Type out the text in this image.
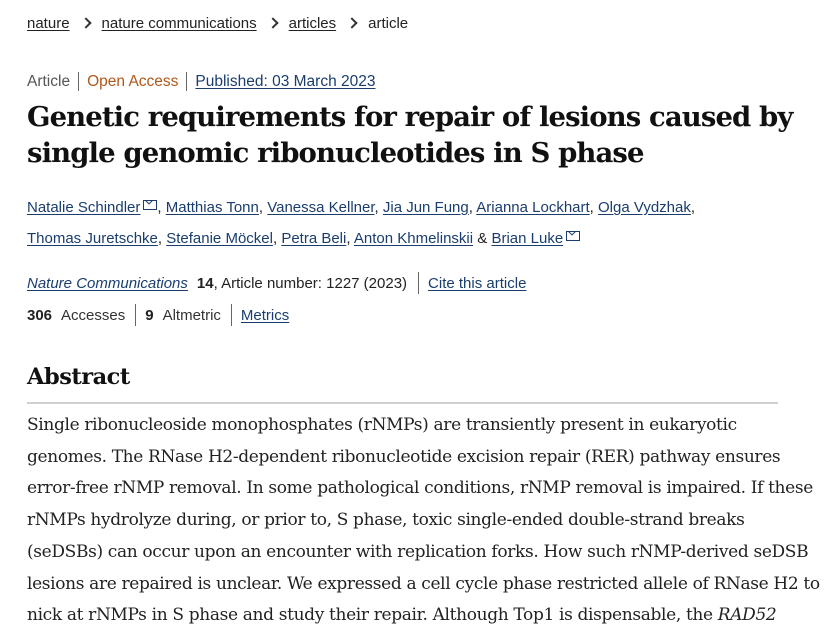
nature nature communications articles article
Article Open Access Published: 03 March 2023
Genetic requirements for repair of lesions caused by
single genomic ribonucleotides in S phase
Natalie Schindler , Matthias Tonn, Vanessa Kellner, Jia Jun Fung, Arianna Lockhart, Olga Vydzhak,
Thomas Juretschke, Stefanie Möckel, Petra Beli, Anton Khmelinskii & Brian Luke
Nature Communications 14 , Article number: 1227 (2023) Cite this article
306 Accesses 9 Altmetric Metrics
Abstract

Single ribonucleoside monophosphates (rNMPs) are transiently present in eukaryotic
genomes. The RNase H2-dependent ribonucleotide excision repair (RER) pathway ensures
error-free rNMP removal. In some pathological conditions, rNMP removal is impaired. If these
rNMPs hydrolyze during, or prior to, S phase, toxic single-ended double-strand breaks
(seDSBs) can occur upon an encounter with replication forks. How such rNMP-derived seDSB
lesions are repaired is unclear. We expressed a cell cycle phase restricted allele of RNase H2 to
nick at rNMPs in S phase and study their repair. Although Top1 is dispensable, the RAD52
